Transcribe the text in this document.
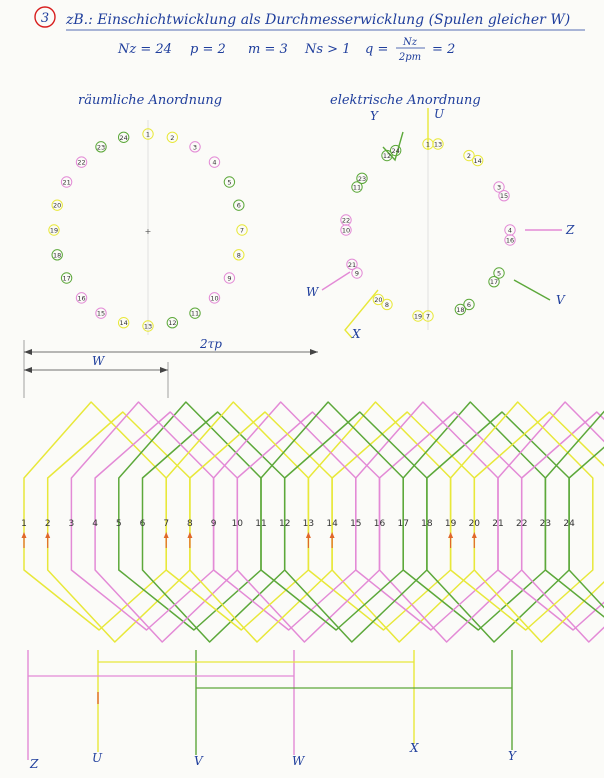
3 zB.: Einschichtwicklung als Durchmesserwicklung (Spulen gleicher W)
Nz = 24 p = 2 m = 3 Ns > 1 q = Nz
2pm
= 2
räumliche Anordnung
+
1	2
3
4
5
6
7
8
9
10
11
12
13
14
15
16
17
18
19
20
21
22
23
24
elektrische Anordnung
U
Y
Z
V
W
X
1
2
3
4
5
6
7
8
9
10
11
12
13
14
15
16
17
18
19
20
21
22
23
24
2τp
W
1 2 3 4 5 6 7 8 9 10 11 12 13 14 15 16 17 18 19 20 21 22 23 24
Z	U	V	W
X
Y
